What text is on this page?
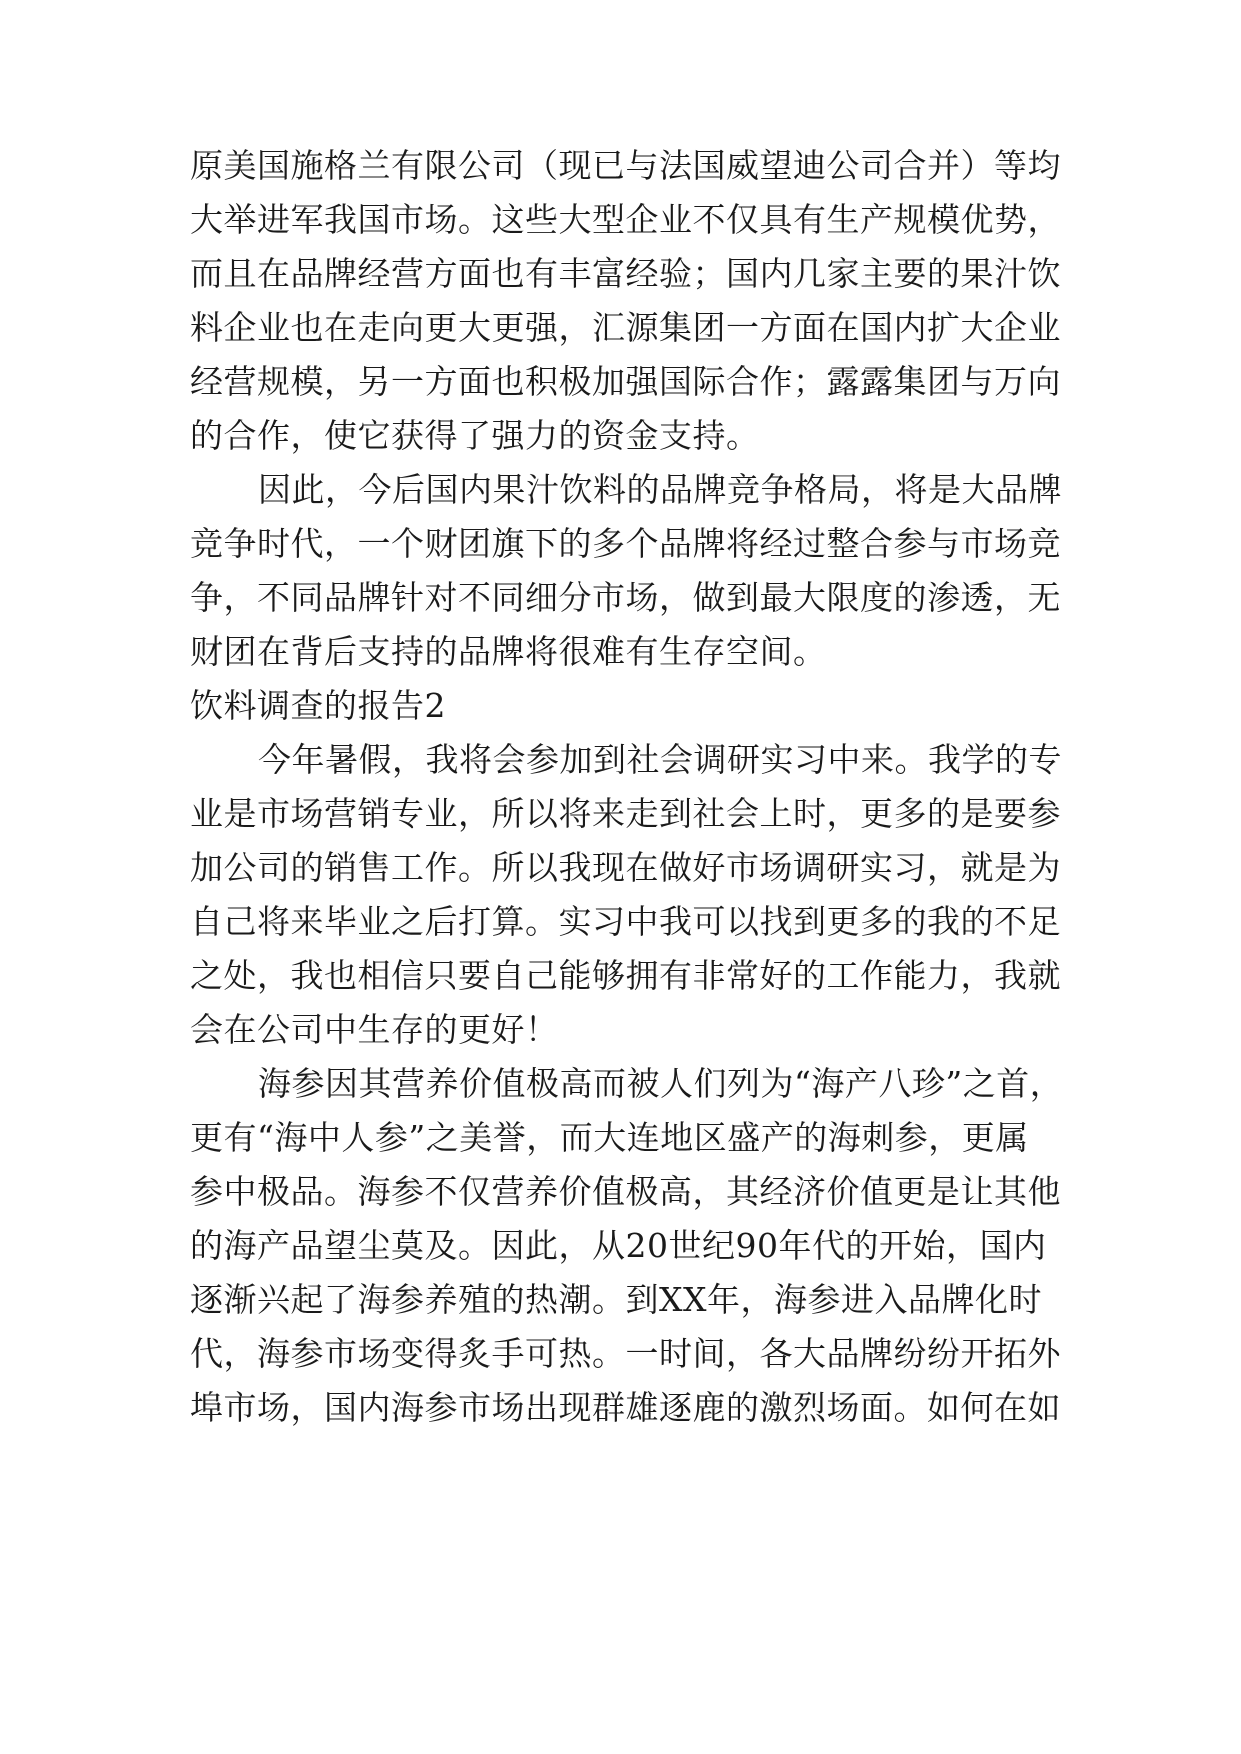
原美国施格兰有限公司（现已与法国威望迪公司合并）等均
大举进军我国市场。这些大型企业不仅具有生产规模优势，
而且在品牌经营方面也有丰富经验；国内几家主要的果汁饮
料企业也在走向更大更强，汇源集团一方面在国内扩大企业
经营规模，另一方面也积极加强国际合作；露露集团与万向
的合作，使它获得了强力的资金支持。
因此，今后国内果汁饮料的品牌竞争格局，将是大品牌
竞争时代，一个财团旗下的多个品牌将经过整合参与市场竞
争，不同品牌针对不同细分市场，做到最大限度的渗透，无
财团在背后支持的品牌将很难有生存空间。
饮料调查的报告2
今年暑假，我将会参加到社会调研实习中来。我学的专
业是市场营销专业，所以将来走到社会上时，更多的是要参
加公司的销售工作。所以我现在做好市场调研实习，就是为
自己将来毕业之后打算。实习中我可以找到更多的我的不足
之处，我也相信只要自己能够拥有非常好的工作能力，我就
会在公司中生存的更好！
海参因其营养价值极高而被人们列为“海产八珍”之首，
更有“海中人参”之美誉，而大连地区盛产的海刺参，更属
参中极品。海参不仅营养价值极高，其经济价值更是让其他
的海产品望尘莫及。因此，从20世纪90年代的开始，国内
逐渐兴起了海参养殖的热潮。到XX年，海参进入品牌化时
代，海参市场变得炙手可热。一时间，各大品牌纷纷开拓外
埠市场，国内海参市场出现群雄逐鹿的激烈场面。如何在如
